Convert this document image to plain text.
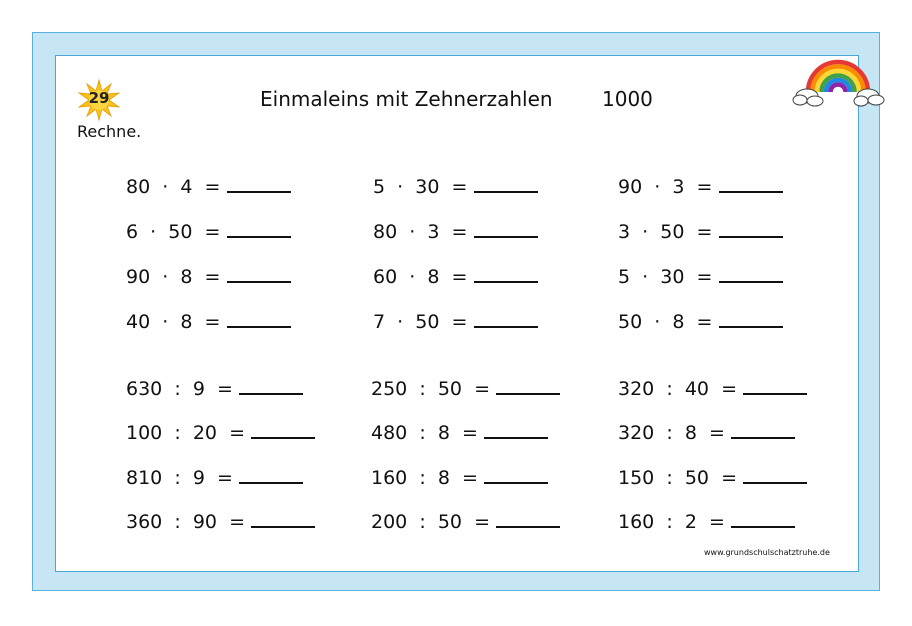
29
Rechne.
Einmaleins mit Zehnerzahlen 1000
80  ·  4  =
6  ·  50  =
90  ·  8  =
40  ·  8  =
5  ·  30  =
80  ·  3  =
60  ·  8  =
7  ·  50  =
90  ·  3  =
3  ·  50  =
5  ·  30  =
50  ·  8  =
630  :  9  =
100  :  20  =
810  :  9  =
360  :  90  =
250  :  50  =
480  :  8  =
160  :  8  =
200  :  50  =
320  :  40  =
320  :  8  =
150  :  50  =
160  :  2  =
www.grundschulschatztruhe.de
